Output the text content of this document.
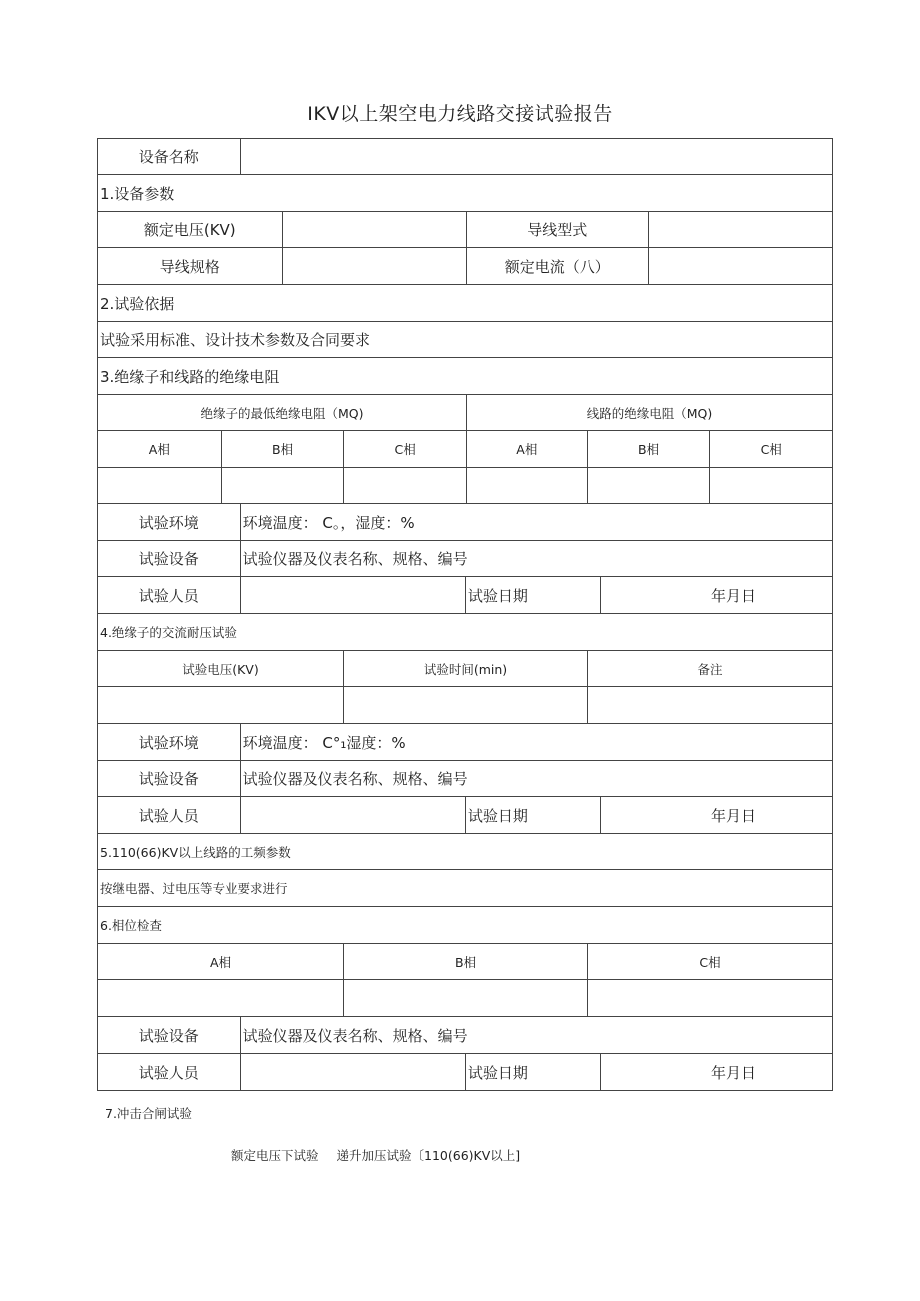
IKV以上架空电力线路交接试验报告
设备名称
1.设备参数
额定电压(KV)	导线型式
导线规格	额定电流（八）
2.试验依据
试验采用标准、设计技术参数及合同要求
3.绝缘子和线路的绝缘电阻
绝缘子的最低绝缘电阻（MQ)	线路的绝缘电阻（MQ)
A相	B相	C相	A相	B相	C相
试验环境	环境温度： C。，湿度：%
试验设备	试验仪器及仪表名称、规格、编号
试验人员	试验日期	年月日
4.绝缘子的交流耐压试验
试验电压(KV)	试验时间(min)	备注
试验环境	环境温度： C°₁湿度：%
试验设备	试验仪器及仪表名称、规格、编号
试验人员	试验日期	年月日
5.110(66)KV以上线路的工频参数
按继电器、过电压等专业要求进行
6.相位检查
A相	B相	C相
试验设备	试验仪器及仪表名称、规格、编号
试验人员	试验日期	年月日
7.冲击合闸试验
额定电压下试验 递升加压试验〔110(66)KV以上]
